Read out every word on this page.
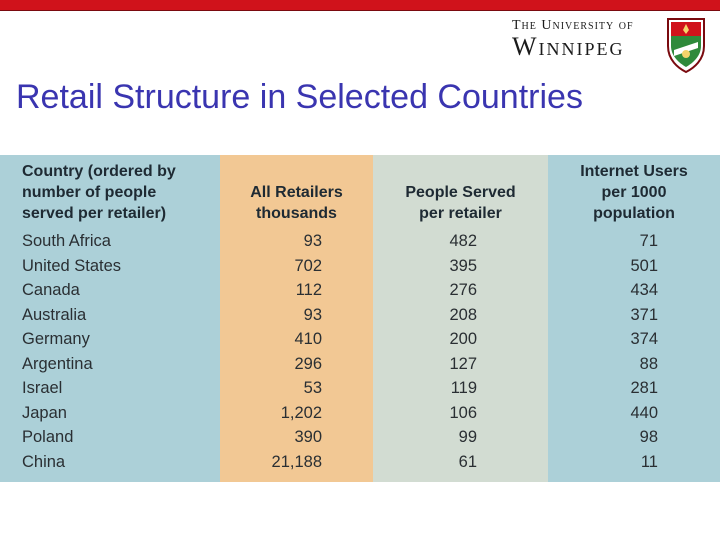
The University of
Winnipeg
Retail Structure in Selected Countries
Country (ordered by
number of people
served per retailer)
South Africa
United States
Canada
Australia
Germany
Argentina
Israel
Japan
Poland
China
All Retailers
thousands
93
702
112
93
410
296
53
1,202
390
21,188
People Served
per retailer
482
395
276
208
200
127
119
106
99
61
Internet Users
per 1000
population
71
501
434
371
374
88
281
440
98
11
